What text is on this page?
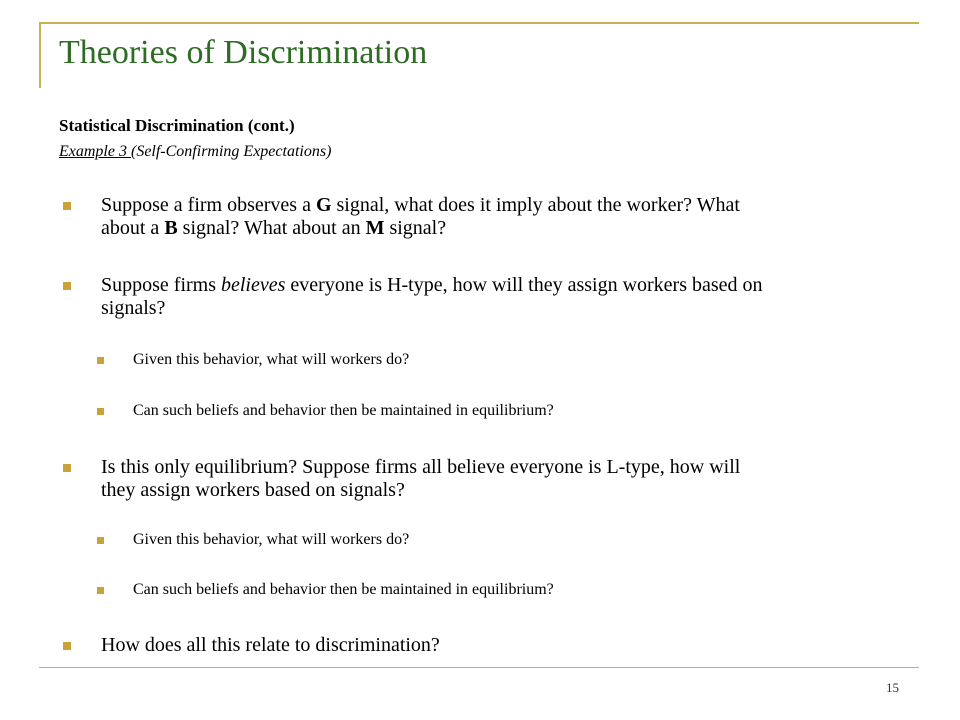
Theories of Discrimination
Statistical Discrimination (cont.)
Example 3 (Self-Confirming Expectations)
Suppose a firm observes a G signal, what does it imply about the worker? What
about a B signal? What about an M signal?
Suppose firms believes everyone is H-type, how will they assign workers based on
signals?
Given this behavior, what will workers do?
Can such beliefs and behavior then be maintained in equilibrium?
Is this only equilibrium? Suppose firms all believe everyone is L-type, how will
they assign workers based on signals?
Given this behavior, what will workers do?
Can such beliefs and behavior then be maintained in equilibrium?
How does all this relate to discrimination?
15
